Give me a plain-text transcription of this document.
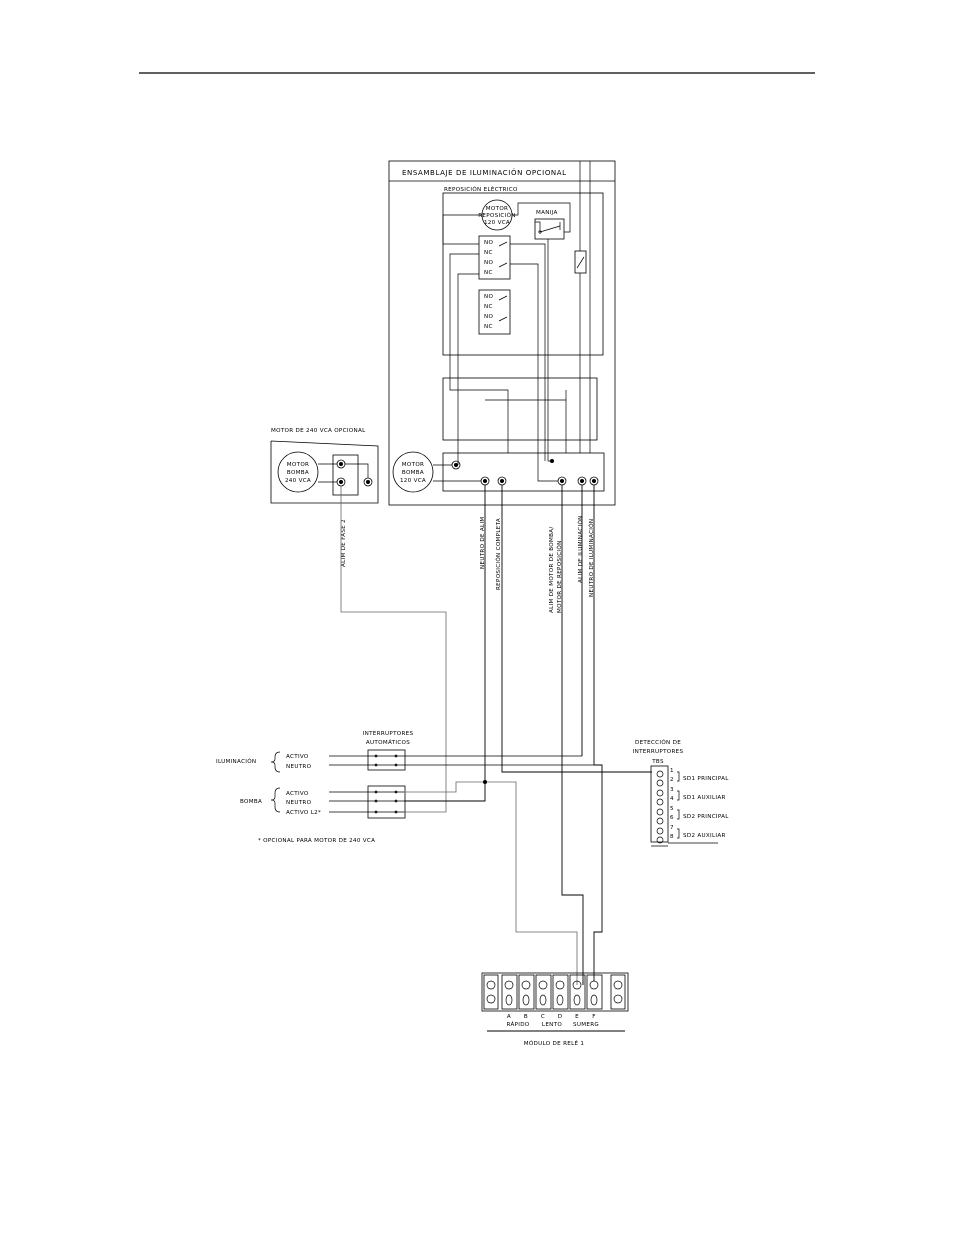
ENSAMBLAJE DE ILUMINACIÓN OPCIONAL
REPOSICIÓN ELÉCTRICO
MOTOR
REPOSICIÓN
120 VCA
MANIJA
NO
NC
NO
NC
NO
NC
NO
NC
MOTOR
BOMBA
120 VCA
MOTOR DE 240 VCA OPCIONAL
MOTOR
BOMBA
240 VCA
ALIM DE FASE 2	NEUTRO DE ALIM REPOSICIÓN COMPLETA	ALIM DE MOTOR DE BOMBA/ MOTOR DE REPOSICIÓN	ALIM DE ILUMINACIÓN NEUTRO DE ILUMINACIÓN
INTERRUPTORES
AUTOMÁTICOS
ILUMINACIÓN
ACTIVO
NEUTRO
BOMBA
ACTIVO
NEUTRO
ACTIVO L2*
* OPCIONAL PARA MOTOR DE 240 VCA
DETECCIÓN DE
INTERRUPTORES
TBS
1
2
3
4
5
6
7
8
SD1 PRINCIPAL
SD1 AUXILIAR
SD2 PRINCIPAL
SD2 AUXILIAR
A B C D E F
RÁPIDO LENTO SUMERG
MÓDULO DE RELÉ 1
